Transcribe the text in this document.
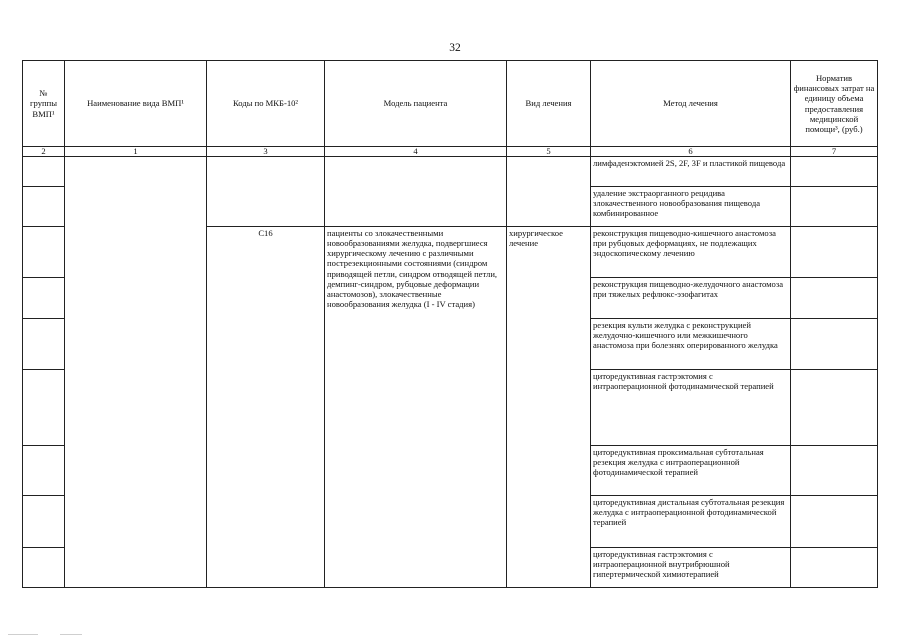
32
№ группы ВМП¹	Наименование вида ВМП¹	Коды по МКБ-10²	Модель пациента	Вид лечения	Метод лечения	Норматив финансовых затрат на единицу объема предоставления медицинской помощи³, (руб.)
2	1	3	4	5	6	7
					лимфаденэктомией 2S, 2F, 3F и пластикой пищевода	
					удаление экстраорганного рецидива злокачественного новообразования пищевода комбинированное	
		C16	пациенты со злокачественными новообразованиями желудка, подвергшиеся хирургическому лечению с различными пострезекционными состояниями (синдром приводящей петли, синдром отводящей петли, демпинг-синдром, рубцовые деформации анастомозов), злокачественные новообразования желудка (I - IV стадия)	хирургическое лечение	реконструкция пищеводно-кишечного анастомоза при рубцовых деформациях, не подлежащих эндоскопическому лечению	
					реконструкция пищеводно-желудочного анастомоза при тяжелых рефлюкс-эзофагитах	
					резекция культи желудка с реконструкцией желудочно-кишечного или межкишечного анастомоза при болезнях оперированного желудка	
					циторедуктивная гастрэктомия с интраоперационной фотодинамической терапией	
					циторедуктивная проксимальная субтотальная резекция желудка с интраоперационной фотодинамической терапией	
					циторедуктивная дистальная субтотальная резекция желудка с интраоперационной фотодинамической терапией	
					циторедуктивная гастрэктомия с интраоперационной внутрибрюшной гипертермической химиотерапией	
